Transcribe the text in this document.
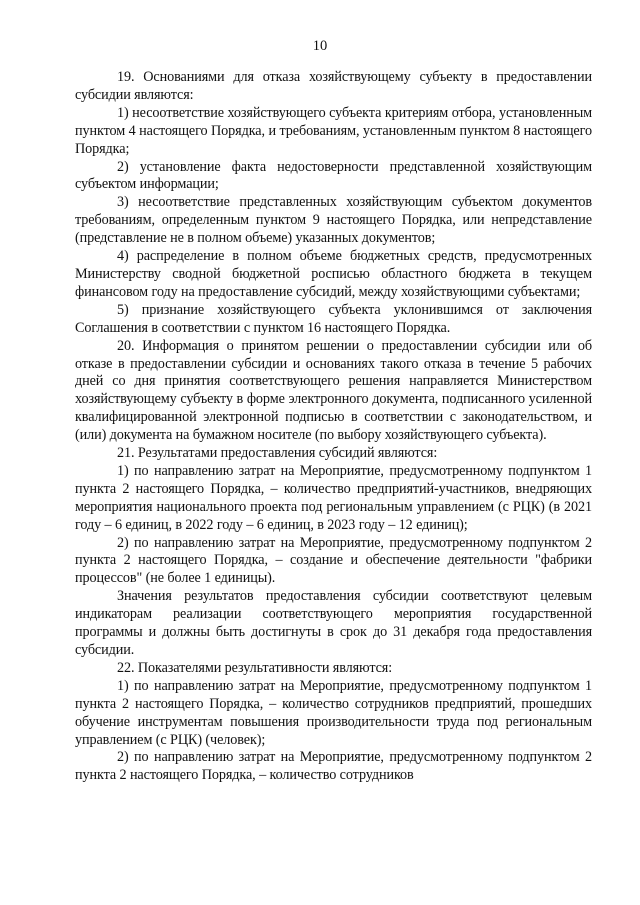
10

19. Основаниями для отказа хозяйствующему субъекту в предоставлении субсидии являются:

1) несоответствие хозяйствующего субъекта критериям отбора, установленным пунктом 4 настоящего Порядка, и требованиям, установленным пунктом 8 настоящего Порядка;

2) установление факта недостоверности представленной хозяйствующим субъектом информации;

3) несоответствие представленных хозяйствующим субъектом документов требованиям, определенным пунктом 9 настоящего Порядка, или непредставление (представление не в полном объеме) указанных документов;

4) распределение в полном объеме бюджетных средств, предусмотренных Министерству сводной бюджетной росписью областного бюджета в текущем финансовом году на предоставление субсидий, между хозяйствующими субъектами;

5) признание хозяйствующего субъекта уклонившимся от заключения Соглашения в соответствии с пунктом 16 настоящего Порядка.

20. Информация о принятом решении о предоставлении субсидии или об отказе в предоставлении субсидии и основаниях такого отказа в течение 5 рабочих дней со дня принятия соответствующего решения направляется Министерством хозяйствующему субъекту в форме электронного документа, подписанного усиленной квалифицированной электронной подписью в соответствии с законодательством, и (или) документа на бумажном носителе (по выбору хозяйствующего субъекта).

21. Результатами предоставления субсидий являются:

1) по направлению затрат на Мероприятие, предусмотренному подпунктом 1 пункта 2 настоящего Порядка, – количество предприятий-участников, внедряющих мероприятия национального проекта под региональным управлением (с РЦК) (в 2021 году – 6 единиц, в 2022 году – 6 единиц, в 2023 году – 12 единиц);

2) по направлению затрат на Мероприятие, предусмотренному подпунктом 2 пункта 2 настоящего Порядка, – создание и обеспечение деятельности "фабрики процессов" (не более 1 единицы).

Значения результатов предоставления субсидии соответствуют целевым индикаторам реализации соответствующего мероприятия государственной программы и должны быть достигнуты в срок до 31 декабря года предоставления субсидии.

22. Показателями результативности являются:

1) по направлению затрат на Мероприятие, предусмотренному подпунктом 1 пункта 2 настоящего Порядка, – количество сотрудников предприятий, прошедших обучение инструментам повышения производительности труда под региональным управлением (с РЦК) (человек);

2) по направлению затрат на Мероприятие, предусмотренному подпунктом 2 пункта 2 настоящего Порядка, – количество сотрудников
